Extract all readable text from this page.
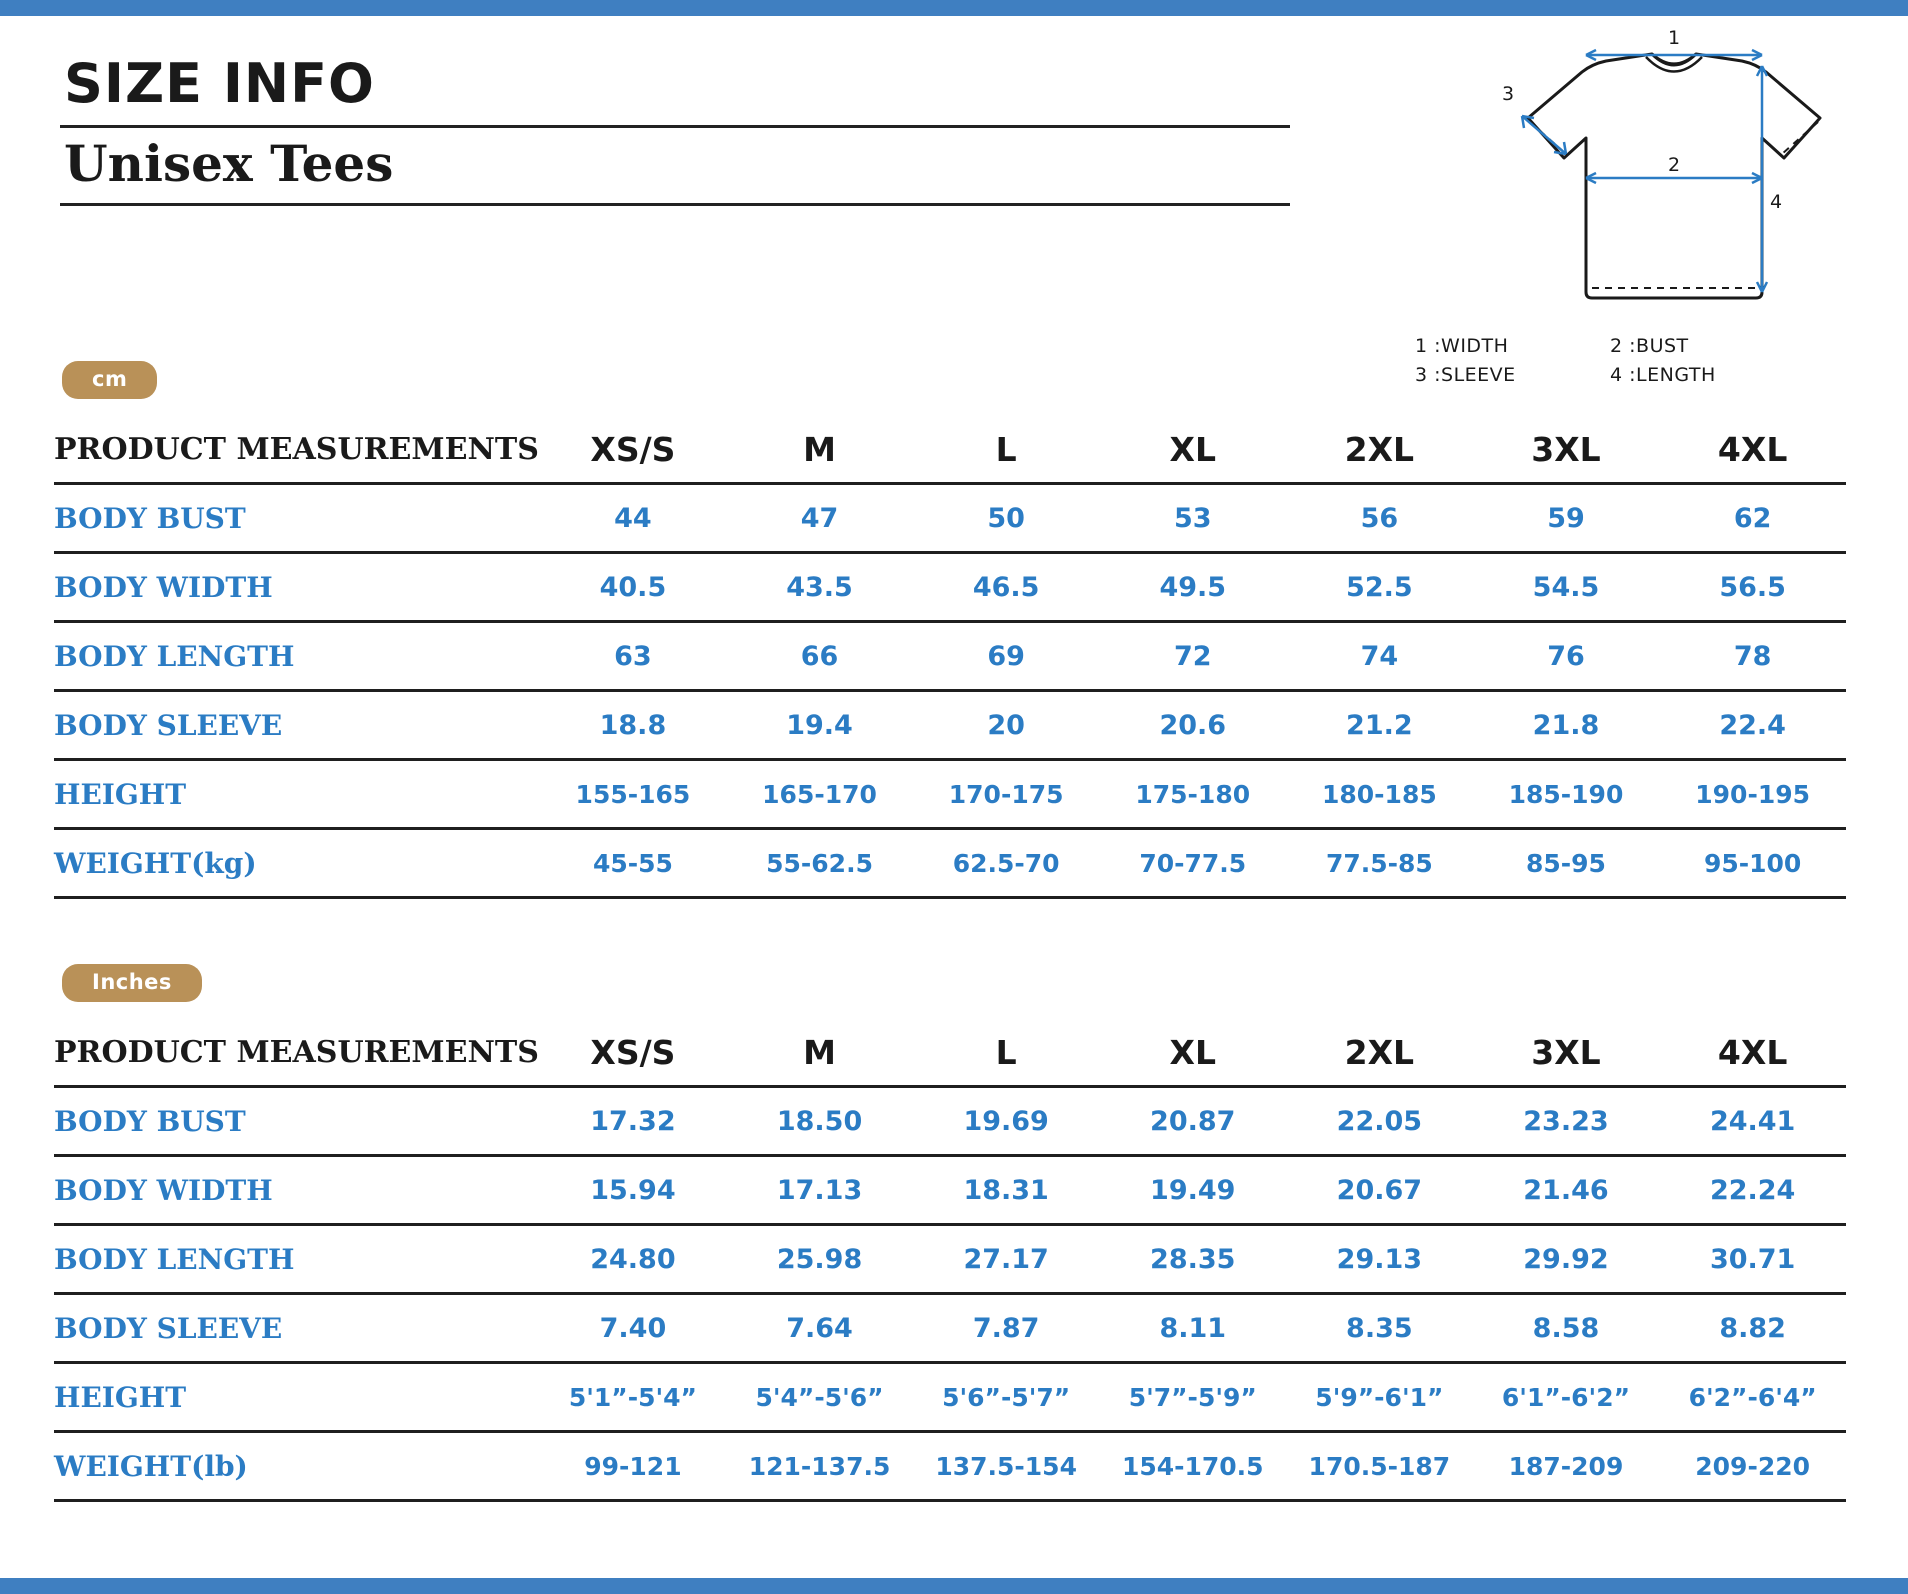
SIZE INFO
Unisex Tees
1
3
2
4
1 :WIDTH	2 :BUST
3 :SLEEVE	4 :LENGTH
cm
PRODUCT MEASUREMENTS	XS/S	M	L	XL	2XL	3XL	4XL
BODY BUST	44	47	50	53	56	59	62
BODY WIDTH	40.5	43.5	46.5	49.5	52.5	54.5	56.5
BODY LENGTH	63	66	69	72	74	76	78
BODY SLEEVE	18.8	19.4	20	20.6	21.2	21.8	22.4
HEIGHT	155-165	165-170	170-175	175-180	180-185	185-190	190-195
WEIGHT(kg)	45-55	55-62.5	62.5-70	70-77.5	77.5-85	85-95	95-100
Inches
PRODUCT MEASUREMENTS	XS/S	M	L	XL	2XL	3XL	4XL
BODY BUST	17.32	18.50	19.69	20.87	22.05	23.23	24.41
BODY WIDTH	15.94	17.13	18.31	19.49	20.67	21.46	22.24
BODY LENGTH	24.80	25.98	27.17	28.35	29.13	29.92	30.71
BODY SLEEVE	7.40	7.64	7.87	8.11	8.35	8.58	8.82
HEIGHT	5'1”-5'4”	5'4”-5'6”	5'6”-5'7”	5'7”-5'9”	5'9”-6'1”	6'1”-6'2”	6'2”-6'4”
WEIGHT(lb)	99-121	121-137.5	137.5-154	154-170.5	170.5-187	187-209	209-220
